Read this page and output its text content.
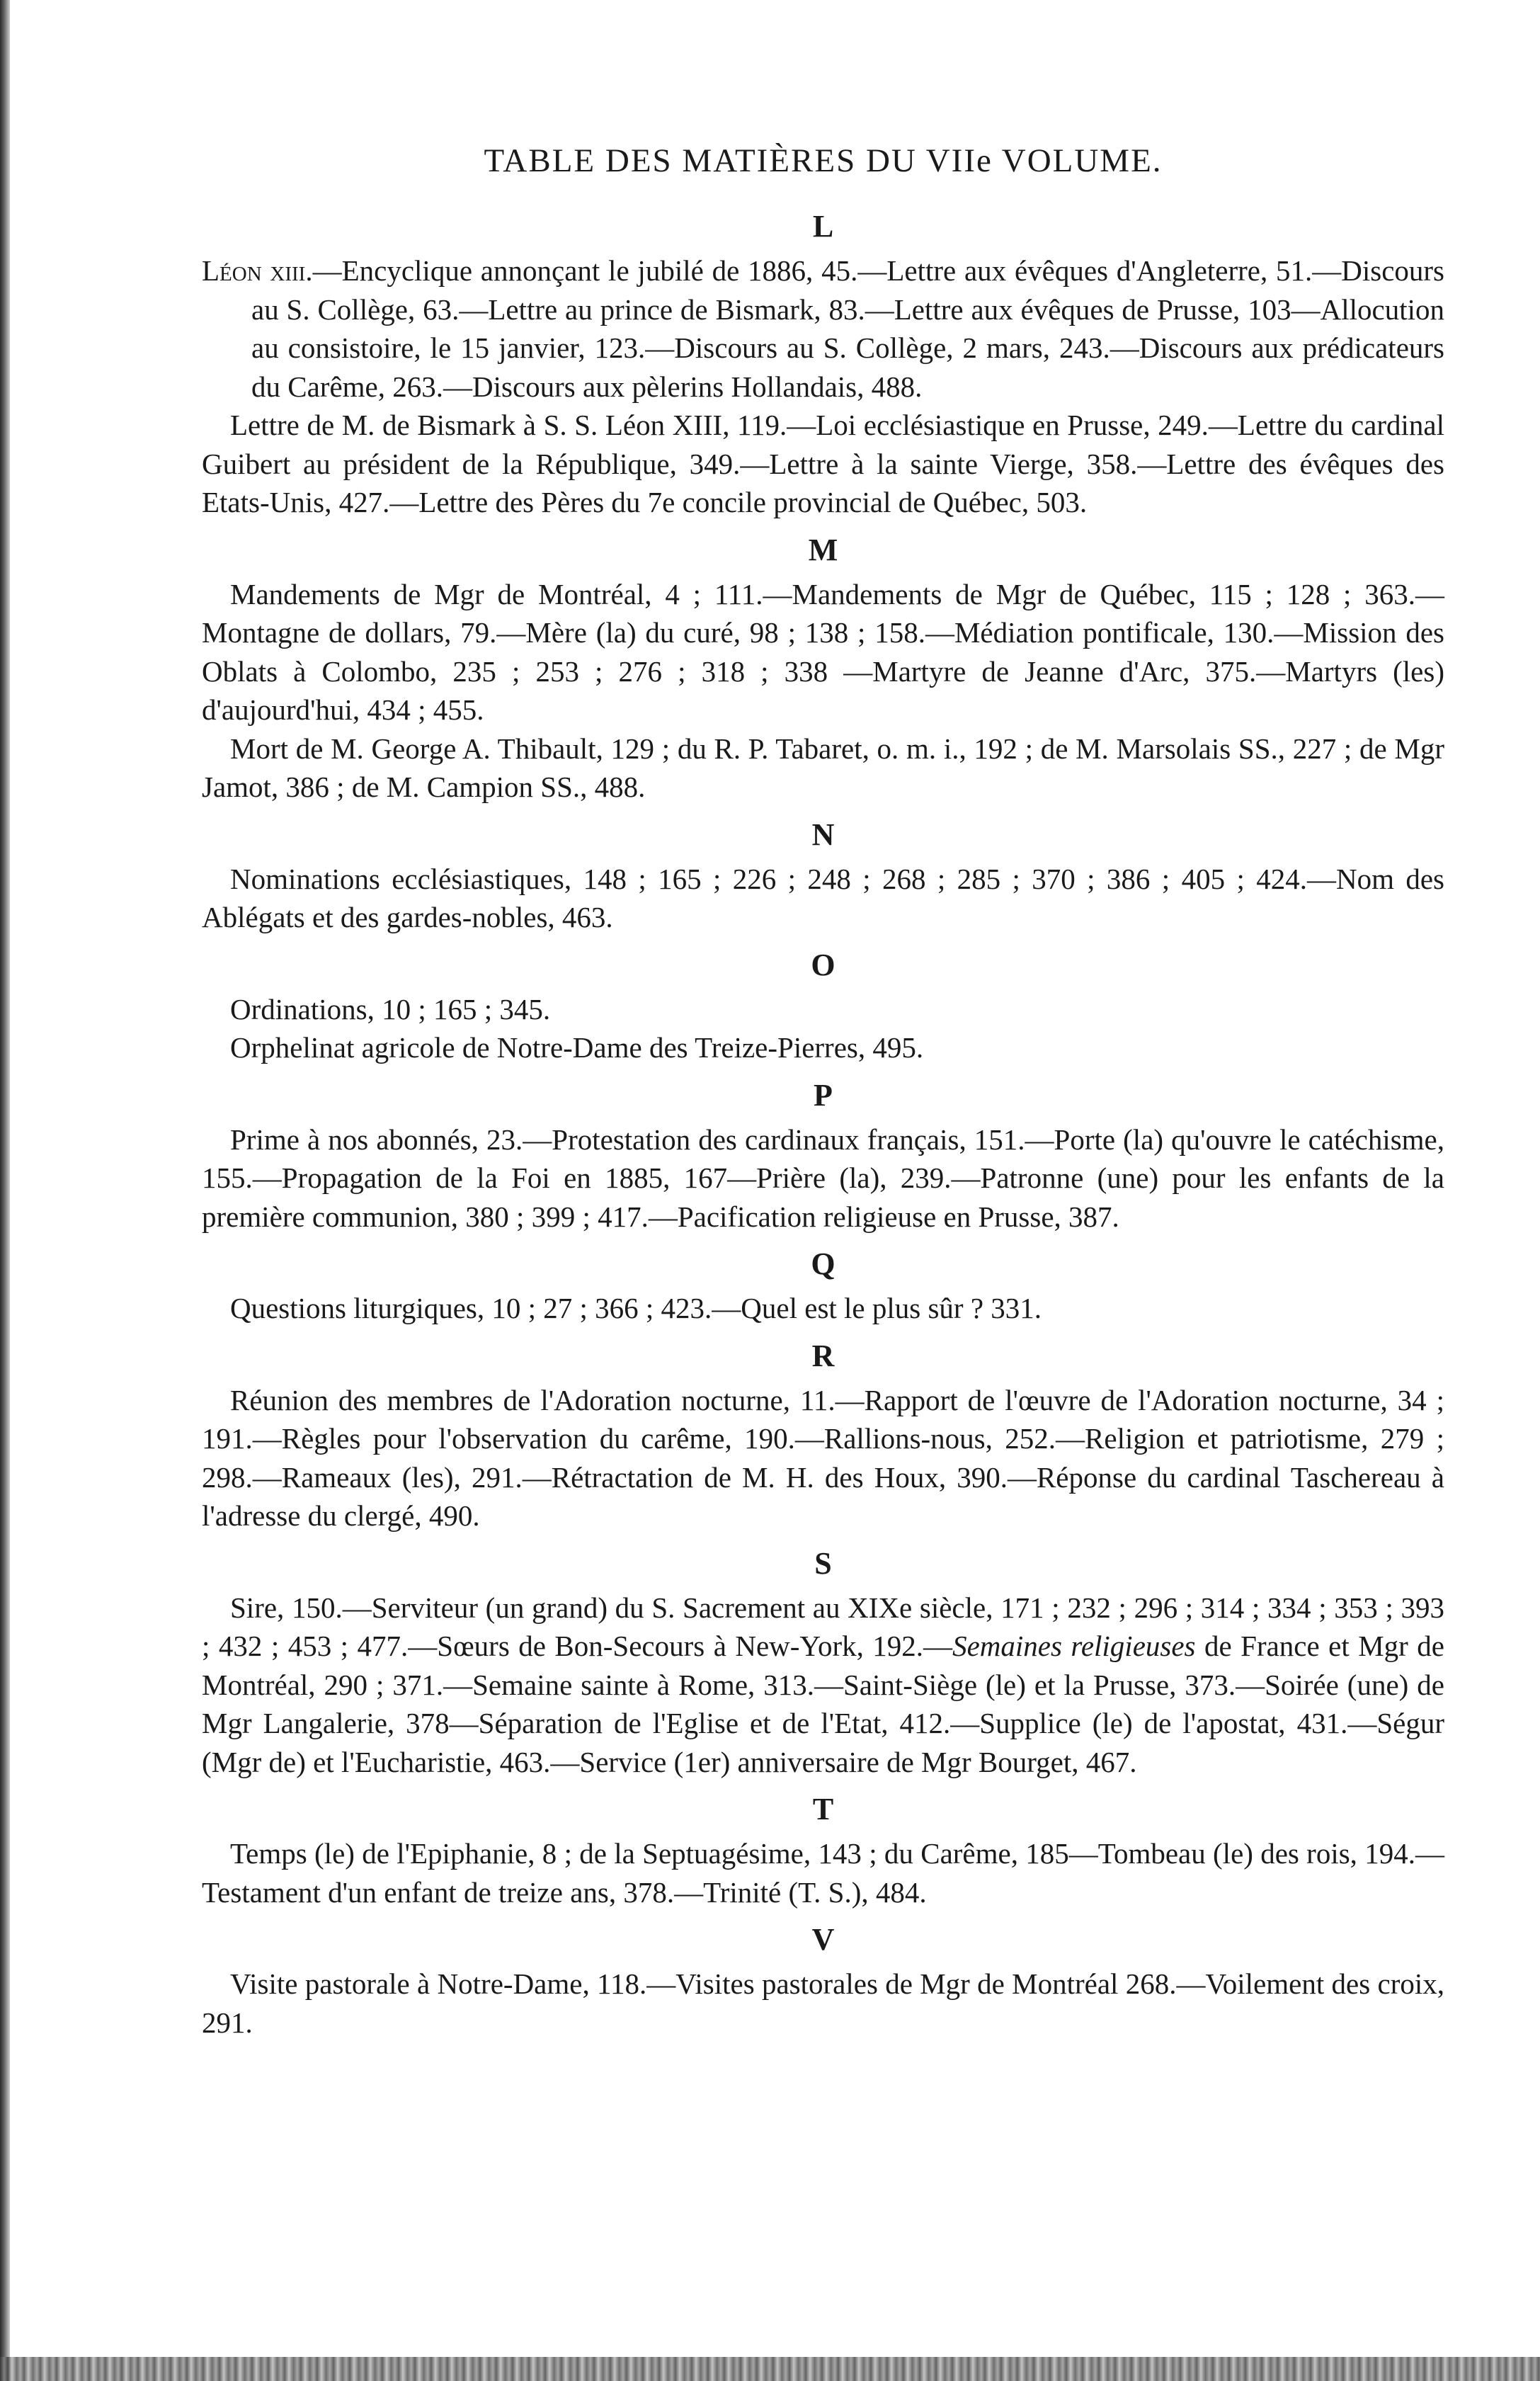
TABLE DES MATIÈRES DU VIIe VOLUME.
L

Léon xiii.—Encyclique annonçant le jubilé de 1886, 45.—Lettre aux évêques d'Angleterre, 51.—Discours au S. Collège, 63.—Lettre au prince de Bismark, 83.—Lettre aux évêques de Prusse, 103—Allocution au consistoire, le 15 janvier, 123.—Discours au S. Collège, 2 mars, 243.—Discours aux prédicateurs du Carême, 263.—Discours aux pèlerins Hollandais, 488.

Lettre de M. de Bismark à S. S. Léon XIII, 119.—Loi ecclésiastique en Prusse, 249.—Lettre du cardinal Guibert au président de la République, 349.—Lettre à la sainte Vierge, 358.—Lettre des évêques des Etats-Unis, 427.—Lettre des Pères du 7e concile provincial de Québec, 503.

M

Mandements de Mgr de Montréal, 4 ; 111.—Mandements de Mgr de Québec, 115 ; 128 ; 363.—Montagne de dollars, 79.—Mère (la) du curé, 98 ; 138 ; 158.—Médiation pontificale, 130.—Mission des Oblats à Colombo, 235 ; 253 ; 276 ; 318 ; 338 —Martyre de Jeanne d'Arc, 375.—Martyrs (les) d'aujourd'hui, 434 ; 455.

Mort de M. George A. Thibault, 129 ; du R. P. Tabaret, o. m. i., 192 ; de M. Marsolais SS., 227 ; de Mgr Jamot, 386 ; de M. Campion SS., 488.

N

Nominations ecclésiastiques, 148 ; 165 ; 226 ; 248 ; 268 ; 285 ; 370 ; 386 ; 405 ; 424.—Nom des Ablégats et des gardes-nobles, 463.

O

Ordinations, 10 ; 165 ; 345.

Orphelinat agricole de Notre-Dame des Treize-Pierres, 495.

P

Prime à nos abonnés, 23.—Protestation des cardinaux français, 151.—Porte (la) qu'ouvre le catéchisme, 155.—Propagation de la Foi en 1885, 167—Prière (la), 239.—Patronne (une) pour les enfants de la première communion, 380 ; 399 ; 417.—Pacification religieuse en Prusse, 387.

Q

Questions liturgiques, 10 ; 27 ; 366 ; 423.—Quel est le plus sûr ? 331.

R

Réunion des membres de l'Adoration nocturne, 11.—Rapport de l'œuvre de l'Adoration nocturne, 34 ; 191.—Règles pour l'observation du carême, 190.—Rallions-nous, 252.—Religion et patriotisme, 279 ; 298.—Rameaux (les), 291.—Rétractation de M. H. des Houx, 390.—Réponse du cardinal Taschereau à l'adresse du clergé, 490.

S

Sire, 150.—Serviteur (un grand) du S. Sacrement au XIXe siècle, 171 ; 232 ; 296 ; 314 ; 334 ; 353 ; 393 ; 432 ; 453 ; 477.—Sœurs de Bon-Secours à New-York, 192.—Semaines religieuses de France et Mgr de Montréal, 290 ; 371.—Semaine sainte à Rome, 313.—Saint-Siège (le) et la Prusse, 373.—Soirée (une) de Mgr Langalerie, 378—Séparation de l'Eglise et de l'Etat, 412.—Supplice (le) de l'apostat, 431.—Ségur (Mgr de) et l'Eucharistie, 463.—Service (1er) anniversaire de Mgr Bourget, 467.

T

Temps (le) de l'Epiphanie, 8 ; de la Septuagésime, 143 ; du Carême, 185—Tombeau (le) des rois, 194.—Testament d'un enfant de treize ans, 378.—Trinité (T. S.), 484.

V

Visite pastorale à Notre-Dame, 118.—Visites pastorales de Mgr de Montréal 268.—Voilement des croix, 291.
